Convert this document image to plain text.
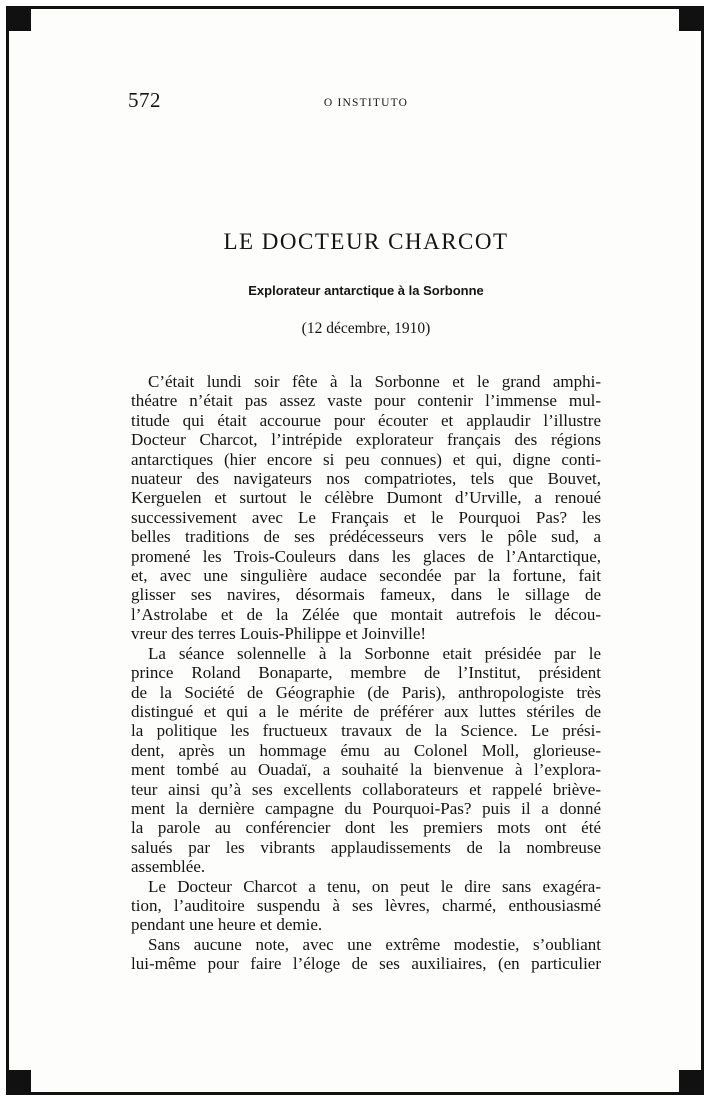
572	O INSTITUTO
LE DOCTEUR CHARCOT
Explorateur antarctique à la Sorbonne
(12 décembre, 1910)
C’était lundi soir fête à la Sorbonne et le grand amphi-
théatre n’était pas assez vaste pour contenir l’immense mul-
titude qui était accourue pour écouter et applaudir l’illustre
Docteur Charcot, l’intrépide explorateur français des régions
antarctiques (hier encore si peu connues) et qui, digne conti-
nuateur des navigateurs nos compatriotes, tels que Bouvet,
Kerguelen et surtout le célèbre Dumont d’Urville, a renoué
successivement avec Le Français et le Pourquoi Pas? les
belles traditions de ses prédécesseurs vers le pôle sud, a
promené les Trois-Couleurs dans les glaces de l’Antarctique,
et, avec une singulière audace secondée par la fortune, fait
glisser ses navires, désormais fameux, dans le sillage de
l’Astrolabe et de la Zélée que montait autrefois le décou-
vreur des terres Louis-Philippe et Joinville!
La séance solennelle à la Sorbonne etait présidée par le
prince Roland Bonaparte, membre de l’Institut, président
de la Société de Géographie (de Paris), anthropologiste très
distingué et qui a le mérite de préférer aux luttes stériles de
la politique les fructueux travaux de la Science. Le prési-
dent, après un hommage ému au Colonel Moll, glorieuse-
ment tombé au Ouadaï, a souhaité la bienvenue à l’explora-
teur ainsi qu’à ses excellents collaborateurs et rappelé briève-
ment la dernière campagne du Pourquoi-Pas? puis il a donné
la parole au conférencier dont les premiers mots ont été
salués par les vibrants applaudissements de la nombreuse
assemblée.
Le Docteur Charcot a tenu, on peut le dire sans exagéra-
tion, l’auditoire suspendu à ses lèvres, charmé, enthousiasmé
pendant une heure et demie.
Sans aucune note, avec une extrême modestie, s’oubliant
lui-même pour faire l’éloge de ses auxiliaires, (en particulier
